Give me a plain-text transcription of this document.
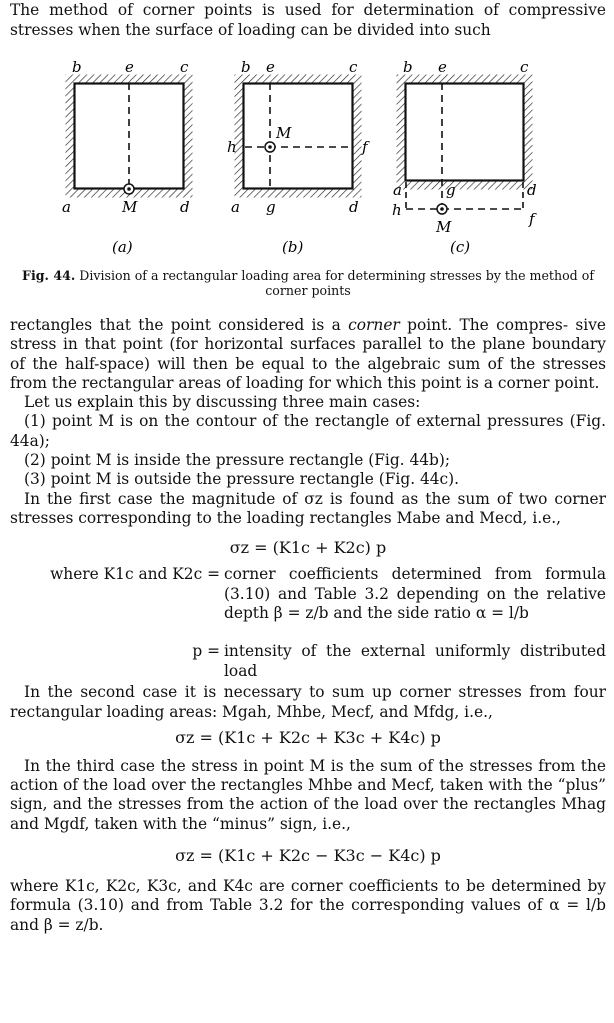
The method of corner points is used for determination of compressive stresses when the surface of loading can be divided into such

b	e	c
a	M	d
(a)
b e	c
h
M
f
a g	d
(b)
b e	c
a	g	d
h	f
M
(c)
Fig. 44. Division of a rectangular loading area for determining stresses by the method of corner points

rectangles that the point considered is a corner point. The compres- sive stress in that point (for horizontal surfaces parallel to the plane boundary of the half-space) will then be equal to the algebraic sum of the stresses from the rectangular areas of loading for which this point is a corner point.

Let us explain this by discussing three main cases:

(1) point M is on the contour of the rectangle of external pressures (Fig. 44a);

(2) point M is inside the pressure rectangle (Fig. 44b);

(3) point M is outside the pressure rectangle (Fig. 44c).

In the first case the magnitude of σz is found as the sum of two corner stresses corresponding to the loading rectangles Mabe and Mecd, i.e.,

σz = (K1c + K2c) p

where K1c and K2c = corner coefficients determined from formula (3.10) and Table 3.2 depending on the relative depth β = z/b and the side ratio α = l/b
p = intensity of the external uniformly distributed load

In the second case it is necessary to sum up corner stresses from four rectangular loading areas: Mgah, Mhbe, Mecf, and Mfdg, i.e.,

σz = (K1c + K2c + K3c + K4c) p

In the third case the stress in point M is the sum of the stresses from the action of the load over the rectangles Mhbe and Mecf, taken with the “plus” sign, and the stresses from the action of the load over the rectangles Mhag and Mgdf, taken with the “minus” sign, i.e.,

σz = (K1c + K2c − K3c − K4c) p

where K1c, K2c, K3c, and K4c are corner coefficients to be determined by formula (3.10) and from Table 3.2 for the corresponding values of α = l/b and β = z/b.
